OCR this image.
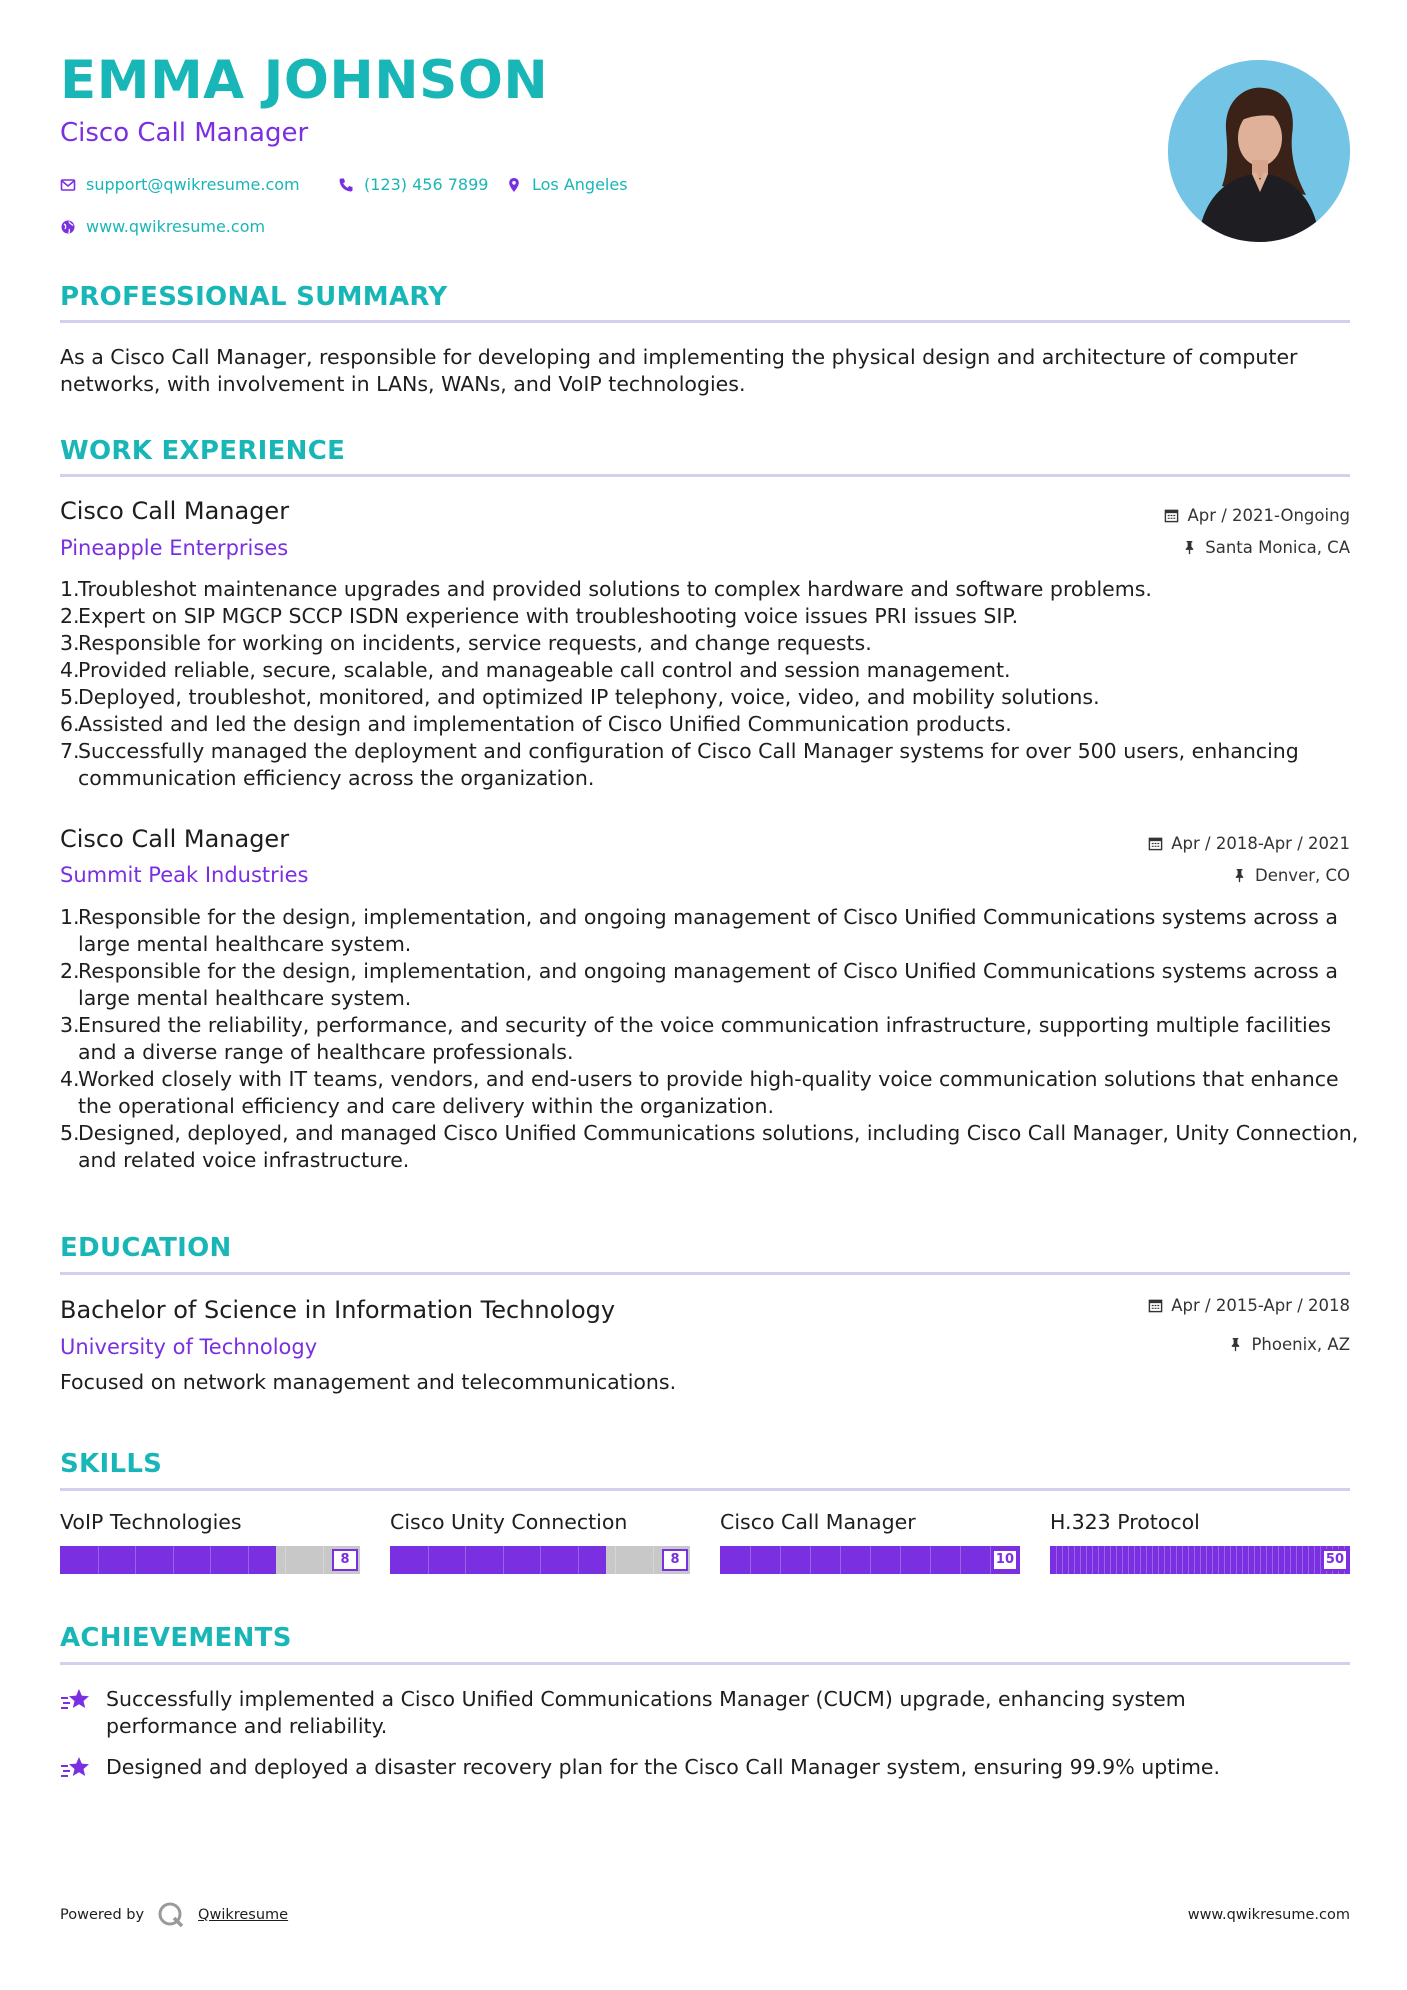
EMMA JOHNSON
Cisco Call Manager
support@qwikresume.com	(123) 456 7899	Los Angeles
www.qwikresume.com
PROFESSIONAL SUMMARY

As a Cisco Call Manager, responsible for developing and implementing the physical design and architecture of computer networks, with involvement in LANs, WANs, and VoIP technologies.

WORK EXPERIENCE
Cisco Call Manager
Pineapple Enterprises
Apr / 2021-Ongoing
Santa Monica, CA
Troubleshot maintenance upgrades and provided solutions to complex hardware and software problems.
Expert on SIP MGCP SCCP ISDN experience with troubleshooting voice issues PRI issues SIP.
Responsible for working on incidents, service requests, and change requests.
Provided reliable, secure, scalable, and manageable call control and session management.
Deployed, troubleshot, monitored, and optimized IP telephony, voice, video, and mobility solutions.
Assisted and led the design and implementation of Cisco Unified Communication products.
Successfully managed the deployment and configuration of Cisco Call Manager systems for over 500 users, enhancing communication efficiency across the organization.
Cisco Call Manager
Summit Peak Industries
Apr / 2018-Apr / 2021
Denver, CO
Responsible for the design, implementation, and ongoing management of Cisco Unified Communications systems across a large mental healthcare system.
Responsible for the design, implementation, and ongoing management of Cisco Unified Communications systems across a large mental healthcare system.
Ensured the reliability, performance, and security of the voice communication infrastructure, supporting multiple facilities and a diverse range of healthcare professionals.
Worked closely with IT teams, vendors, and end-users to provide high-quality voice communication solutions that enhance the operational efficiency and care delivery within the organization.
Designed, deployed, and managed Cisco Unified Communications solutions, including Cisco Call Manager, Unity Connection, and related voice infrastructure.
EDUCATION
Bachelor of Science in Information Technology
University of Technology
Apr / 2015-Apr / 2018
Phoenix, AZ

Focused on network management and telecommunications.

SKILLS
VoIP Technologies
8
Cisco Unity Connection
8
Cisco Call Manager
10
H.323 Protocol
50
ACHIEVEMENTS
Successfully implemented a Cisco Unified Communications Manager (CUCM) upgrade, enhancing system performance and reliability.
Designed and deployed a disaster recovery plan for the Cisco Call Manager system, ensuring 99.9% uptime.
Powered by	Qwikresume	www.qwikresume.com
